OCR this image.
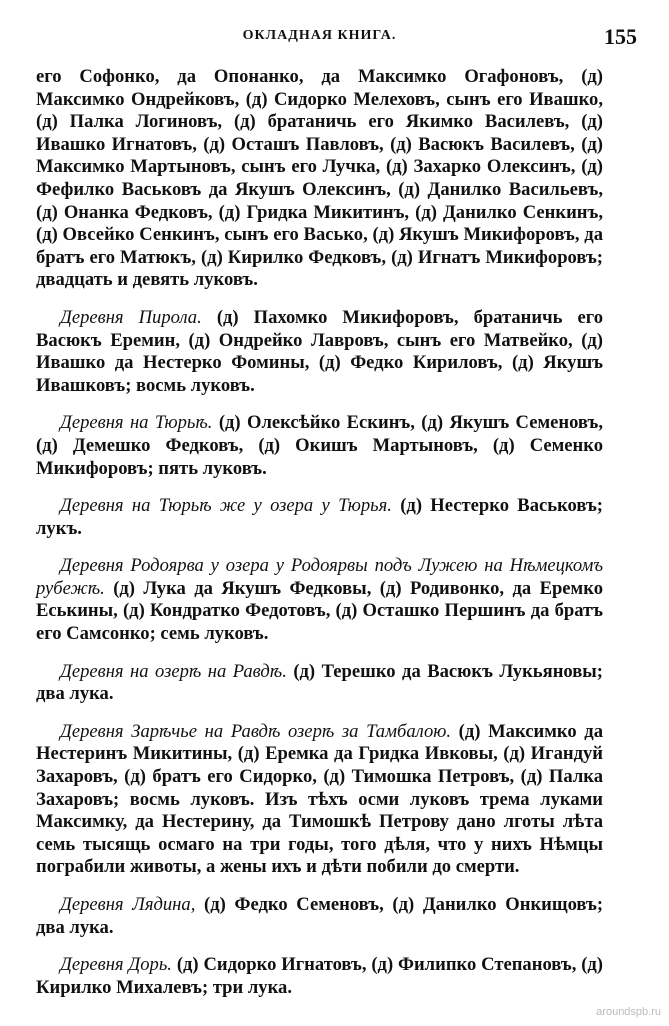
ОКЛАДНАЯ КНИГА.	155

его Софонко, да Опонанко, да Максимко Огафоновъ, (д) Максимко Ондрейковъ, (д) Сидорко Мелеховъ, сынъ его Ивашко, (д) Палка Логиновъ, (д) братаничь его Якимко Василевъ, (д) Ивашко Игнатовъ, (д) Осташъ Павловъ, (д) Васюкъ Василевъ, (д) Максимко Мартыновъ, сынъ его Лучка, (д) Захарко Олексинъ, (д) Фефилко Васьковъ да Якушъ Олексинъ, (д) Данилко Васильевъ, (д) Онанка Федковъ, (д) Гридка Микитинъ, (д) Данилко Сенкинъ, (д) Овсейко Сенкинъ, сынъ его Васько, (д) Якушъ Микифоровъ, да братъ его Матюкъ, (д) Кирилко Федковъ, (д) Игнатъ Микифоровъ; двадцать и девять луковъ.

Деревня Пирола. (д) Пахомко Микифоровъ, братаничь его Васюкъ Еремин, (д) Ондрейко Лавровъ, сынъ его Матвейко, (д) Ивашко да Нестерко Фомины, (д) Федко Кириловъ, (д) Якушъ Ивашковъ; восмь луковъ.

Деревня на Тюрьѣ. (д) Олексѣйко Ескинъ, (д) Якушъ Семеновъ, (д) Демешко Федковъ, (д) Окишъ Мартыновъ, (д) Семенко Микифоровъ; пять луковъ.

Деревня на Тюрьѣ же у озера у Тюрья. (д) Нестерко Васьковъ; лукъ.

Деревня Родоярва у озера у Родоярвы подъ Лужею на Нѣмецкомъ рубежѣ. (д) Лука да Якушъ Федковы, (д) Родивонко, да Еремко Еськины, (д) Кондратко Федотовъ, (д) Осташко Першинъ да братъ его Самсонко; семь луковъ.

Деревня на озерѣ на Равдѣ. (д) Терешко да Васюкъ Лукьяновы; два лука.

Деревня Зарѣчье на Равдѣ озерѣ за Тамбалою. (д) Максимко да Нестеринъ Микитины, (д) Еремка да Гридка Ивковы, (д) Игандуй Захаровъ, (д) братъ его Сидорко, (д) Тимошка Петровъ, (д) Палка Захаровъ; восмь луковъ. Изъ тѣхъ осми луковъ трема луками Максимку, да Нестерину, да Тимошкѣ Петрову дано лготы лѣта семь тысящь осмаго на три годы, того дѣля, что у нихъ Нѣмцы пограбили животы, а жены ихъ и дѣти побили до смерти.

Деревня Лядина, (д) Федко Семеновъ, (д) Данилко Онкищовъ; два лука.

Деревня Дорь. (д) Сидорко Игнатовъ, (д) Филипко Степановъ, (д) Кирилко Михалевъ; три лука.

aroundspb.ru
